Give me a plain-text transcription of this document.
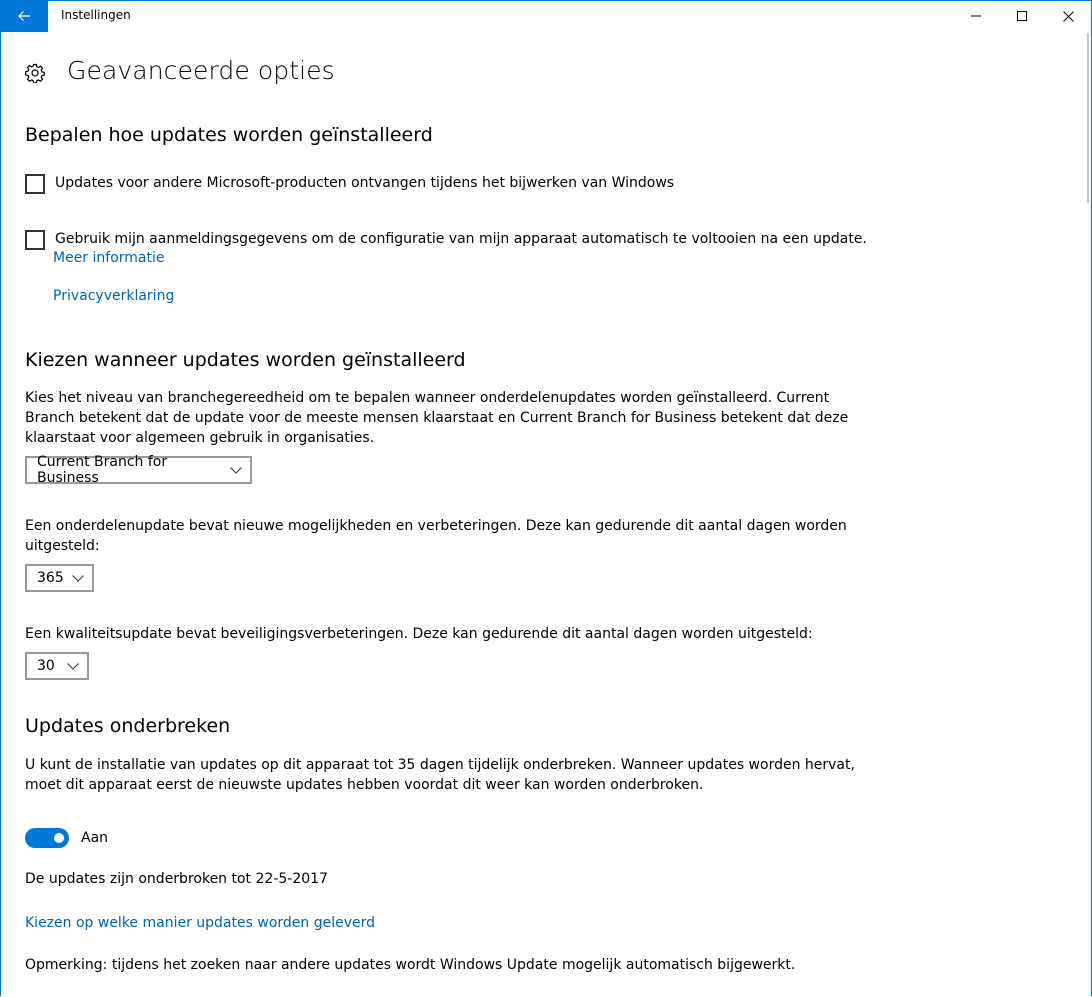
Instellingen
Geavanceerde opties
Bepalen hoe updates worden geïnstalleerd
Updates voor andere Microsoft-producten ontvangen tijdens het bijwerken van Windows
Gebruik mijn aanmeldingsgegevens om de configuratie van mijn apparaat automatisch te voltooien na een update.
Meer informatie
Privacyverklaring
Kiezen wanneer updates worden geïnstalleerd
Kies het niveau van branchegereedheid om te bepalen wanneer onderdelenupdates worden geïnstalleerd. Current
Branch betekent dat de update voor de meeste mensen klaarstaat en Current Branch for Business betekent dat deze
klaarstaat voor algemeen gebruik in organisaties.
Current Branch for Business
Een onderdelenupdate bevat nieuwe mogelijkheden en verbeteringen. Deze kan gedurende dit aantal dagen worden
uitgesteld:
365
Een kwaliteitsupdate bevat beveiligingsverbeteringen. Deze kan gedurende dit aantal dagen worden uitgesteld:
30
Updates onderbreken
U kunt de installatie van updates op dit apparaat tot 35 dagen tijdelijk onderbreken. Wanneer updates worden hervat,
moet dit apparaat eerst de nieuwste updates hebben voordat dit weer kan worden onderbroken.
Aan
De updates zijn onderbroken tot 22-5-2017
Kiezen op welke manier updates worden geleverd
Opmerking: tijdens het zoeken naar andere updates wordt Windows Update mogelijk automatisch bijgewerkt.
